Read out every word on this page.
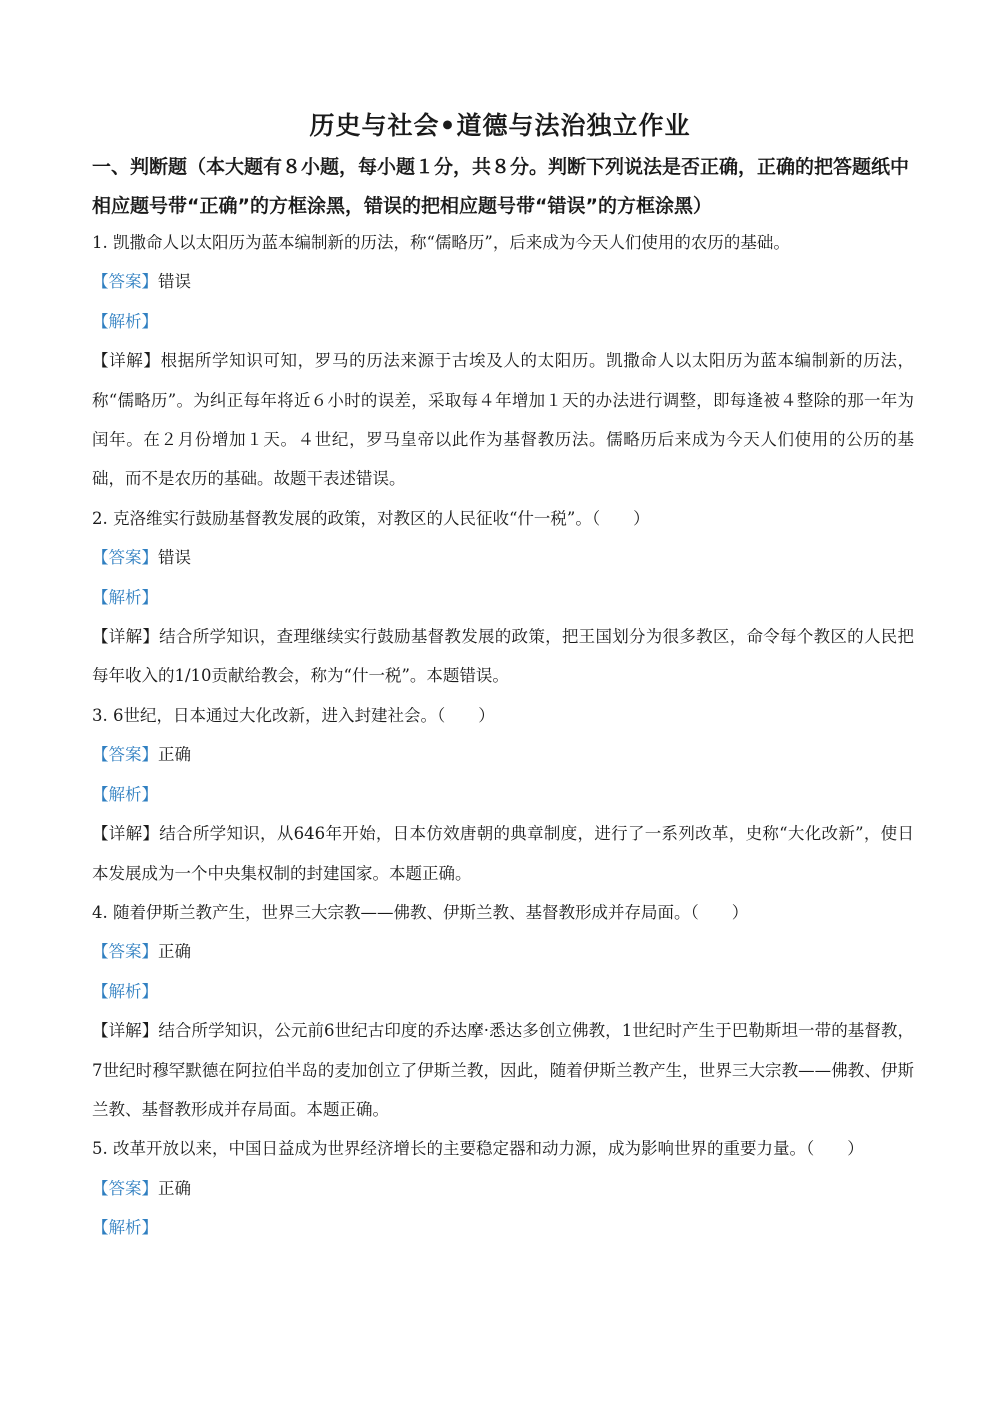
历史与社会•道德与法治独立作业
一、判断题（本大题有８小题，每小题１分，共８分。判断下列说法是否正确，正确的把答题纸中相应题号带“正确”的方框涂黑，错误的把相应题号带“错误”的方框涂黑）

1. 凯撒命人以太阳历为蓝本编制新的历法，称“儒略历”，后来成为今天人们使用的农历的基础。

【答案】错误

【解析】

【详解】根据所学知识可知，罗马的历法来源于古埃及人的太阳历。凯撒命人以太阳历为蓝本编制新的历法，称“儒略历”。为纠正每年将近６小时的误差，采取每４年增加１天的办法进行调整，即每逢被４整除的那一年为闰年。在２月份增加１天。４世纪，罗马皇帝以此作为基督教历法。儒略历后来成为今天人们使用的公历的基础，而不是农历的基础。故题干表述错误。

2. 克洛维实行鼓励基督教发展的政策，对教区的人民征收“什一税”。（　　）

【答案】错误

【解析】

【详解】结合所学知识，查理继续实行鼓励基督教发展的政策，把王国划分为很多教区，命令每个教区的人民把每年收入的1/10贡献给教会，称为“什一税”。本题错误。

3. 6世纪，日本通过大化改新，进入封建社会。（　　）

【答案】正确

【解析】

【详解】结合所学知识，从646年开始，日本仿效唐朝的典章制度，进行了一系列改革，史称“大化改新”，使日本发展成为一个中央集权制的封建国家。本题正确。

4. 随着伊斯兰教产生，世界三大宗教——佛教、伊斯兰教、基督教形成并存局面。（　　）

【答案】正确

【解析】

【详解】结合所学知识，公元前6世纪古印度的乔达摩·悉达多创立佛教，1世纪时产生于巴勒斯坦一带的基督教，7世纪时穆罕默德在阿拉伯半岛的麦加创立了伊斯兰教，因此，随着伊斯兰教产生，世界三大宗教——佛教、伊斯兰教、基督教形成并存局面。本题正确。

5. 改革开放以来，中国日益成为世界经济增长的主要稳定器和动力源，成为影响世界的重要力量。（　　）

【答案】正确

【解析】
